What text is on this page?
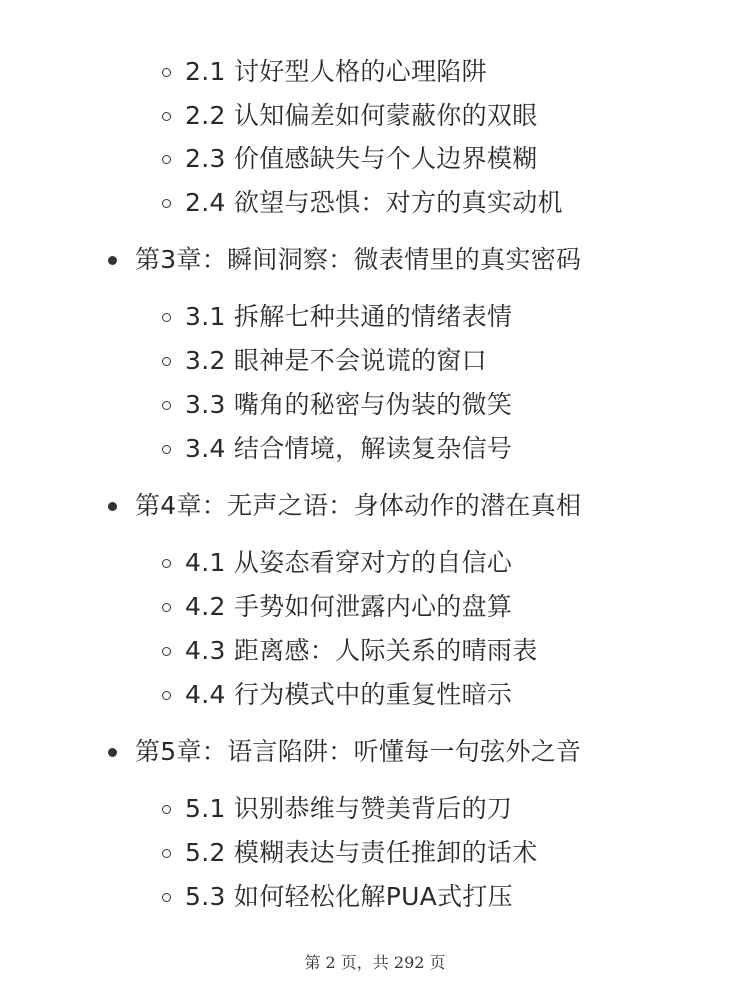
2.1 讨好型人格的心理陷阱
2.2 认知偏差如何蒙蔽你的双眼
2.3 价值感缺失与个人边界模糊
2.4 欲望与恐惧：对方的真实动机
第3章：瞬间洞察：微表情里的真实密码
3.1 拆解七种共通的情绪表情
3.2 眼神是不会说谎的窗口
3.3 嘴角的秘密与伪装的微笑
3.4 结合情境，解读复杂信号
第4章：无声之语：身体动作的潜在真相
4.1 从姿态看穿对方的自信心
4.2 手势如何泄露内心的盘算
4.3 距离感：人际关系的晴雨表
4.4 行为模式中的重复性暗示
第5章：语言陷阱：听懂每一句弦外之音
5.1 识别恭维与赞美背后的刀
5.2 模糊表达与责任推卸的话术
5.3 如何轻松化解PUA式打压
第 2 页，共 292 页
